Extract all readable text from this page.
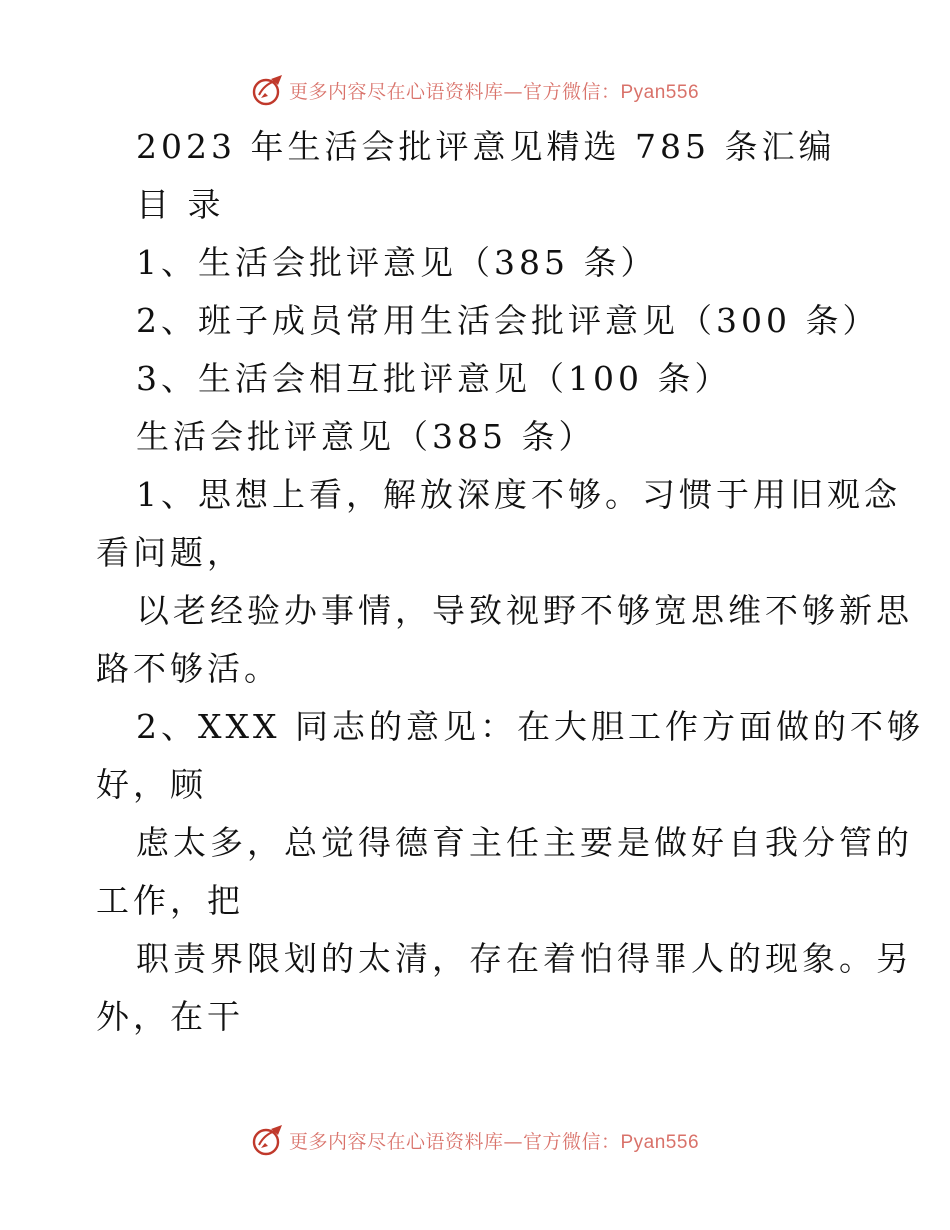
更多内容尽在心语资料库—官方微信：Pyan556
2023 年生活会批评意见精选 785 条汇编
目 录
1、生活会批评意见（385 条）
2、班子成员常用生活会批评意见（300 条）
3、生活会相互批评意见（100 条）
生活会批评意见（385 条）
1、思想上看，解放深度不够。习惯于用旧观念
看问题，
以老经验办事情，导致视野不够宽思维不够新思
路不够活。
2、XXX 同志的意见：在大胆工作方面做的不够
好，顾
虑太多，总觉得德育主任主要是做好自我分管的
工作，把
职责界限划的太清，存在着怕得罪人的现象。另
外，在干
更多内容尽在心语资料库—官方微信：Pyan556
